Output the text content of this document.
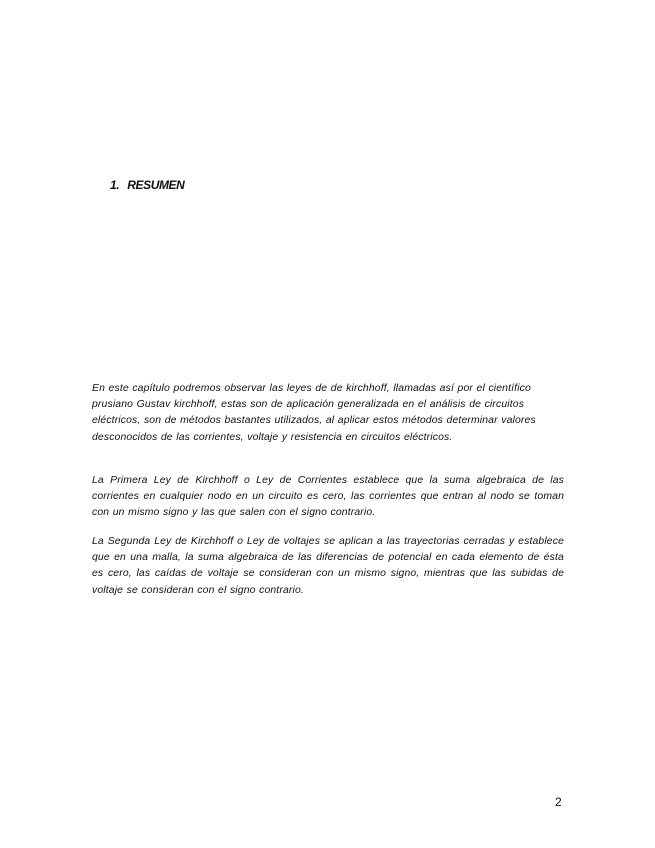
1. RESUMEN

En este capítulo podremos observar las leyes de de kirchhoff, llamadas así por el científico prusiano Gustav kirchhoff, estas son de aplicación generalizada en el análisis de circuitos eléctricos, son de métodos bastantes utilizados, al aplicar estos métodos determinar valores desconocidos de las corrientes, voltaje y resistencia en circuitos eléctricos.

La Primera Ley de Kirchhoff o Ley de Corrientes establece que la suma algebraica de las corrientes en cualquier nodo en un circuito es cero, las corrientes que entran al nodo se toman con un mismo signo y las que salen con el signo contrario.

La Segunda Ley de Kirchhoff o Ley de voltajes se aplican a las trayectorias cerradas y establece que en una malla, la suma algebraica de las diferencias de potencial en cada elemento de ésta es cero, las caídas de voltaje se consideran con un mismo signo, mientras que las subidas de voltaje se consideran con el signo contrario.

2
